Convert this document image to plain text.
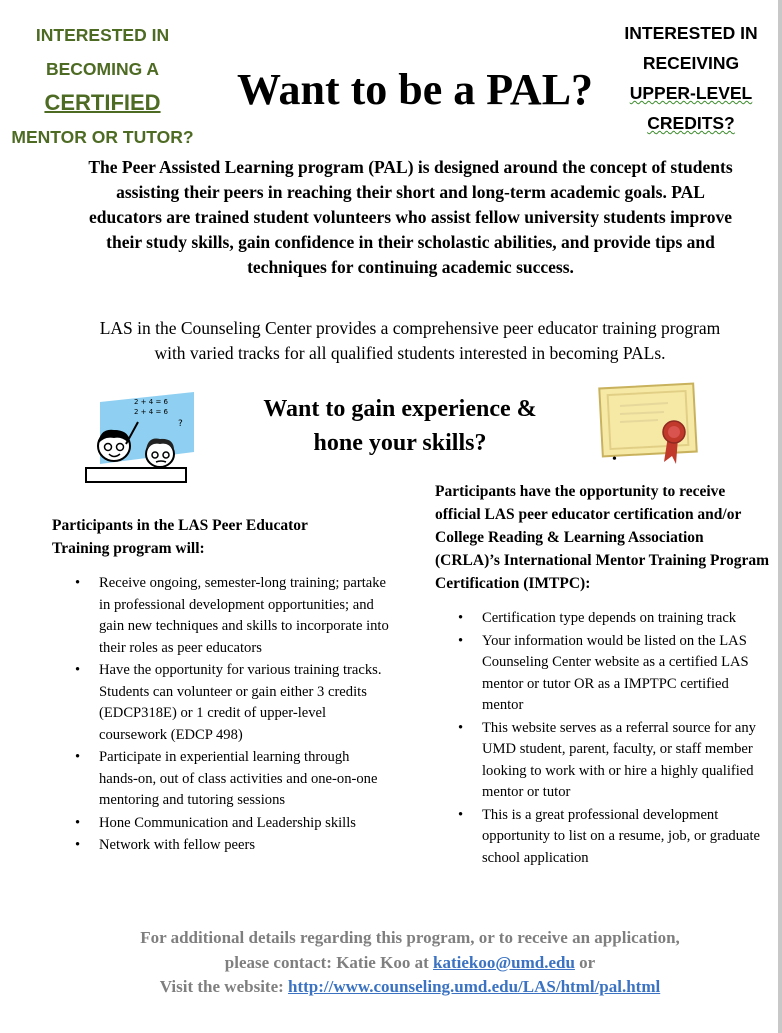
INTERESTED IN
BECOMING A
CERTIFIED
MENTOR OR TUTOR?
INTERESTED IN
RECEIVING
UPPER-LEVEL
CREDITS?
Want to be a PAL?

The Peer Assisted Learning program (PAL) is designed around the concept of students assisting their peers in reaching their short and long-term academic goals. PAL educators are trained student volunteers who assist fellow university students improve their study skills, gain confidence in their scholastic abilities, and provide tips and techniques for continuing academic success.

LAS in the Counseling Center provides a comprehensive peer educator training program with varied tracks for all qualified students interested in becoming PALs.

2 + 4 = 6
2 + 4 = 6
?
Want to gain experience &
hone your skills?
•

Participants in the LAS Peer Educator Training program will:

• Receive ongoing, semester-long training; partake in professional development opportunities; and gain new techniques and skills to incorporate into their roles as peer educators
• Have the opportunity for various training tracks. Students can volunteer or gain either 3 credits (EDCP318E) or 1 credit of upper-level coursework (EDCP 498)
• Participate in experiential learning through hands-on, out of class activities and one-on-one mentoring and tutoring sessions
• Hone Communication and Leadership skills
• Network with fellow peers

Participants have the opportunity to receive official LAS peer educator certification and/or College Reading & Learning Association (CRLA)’s International Mentor Training Program Certification (IMTPC):

• Certification type depends on training track
• Your information would be listed on the LAS Counseling Center website as a certified LAS mentor or tutor OR as a IMPTPC certified mentor
• This website serves as a referral source for any UMD student, parent, faculty, or staff member looking to work with or hire a highly qualified mentor or tutor
• This is a great professional development opportunity to list on a resume, job, or graduate school application

For additional details regarding this program, or to receive an application,
please contact: Katie Koo at katiekoo@umd.edu or
Visit the website: http://www.counseling.umd.edu/LAS/html/pal.html
